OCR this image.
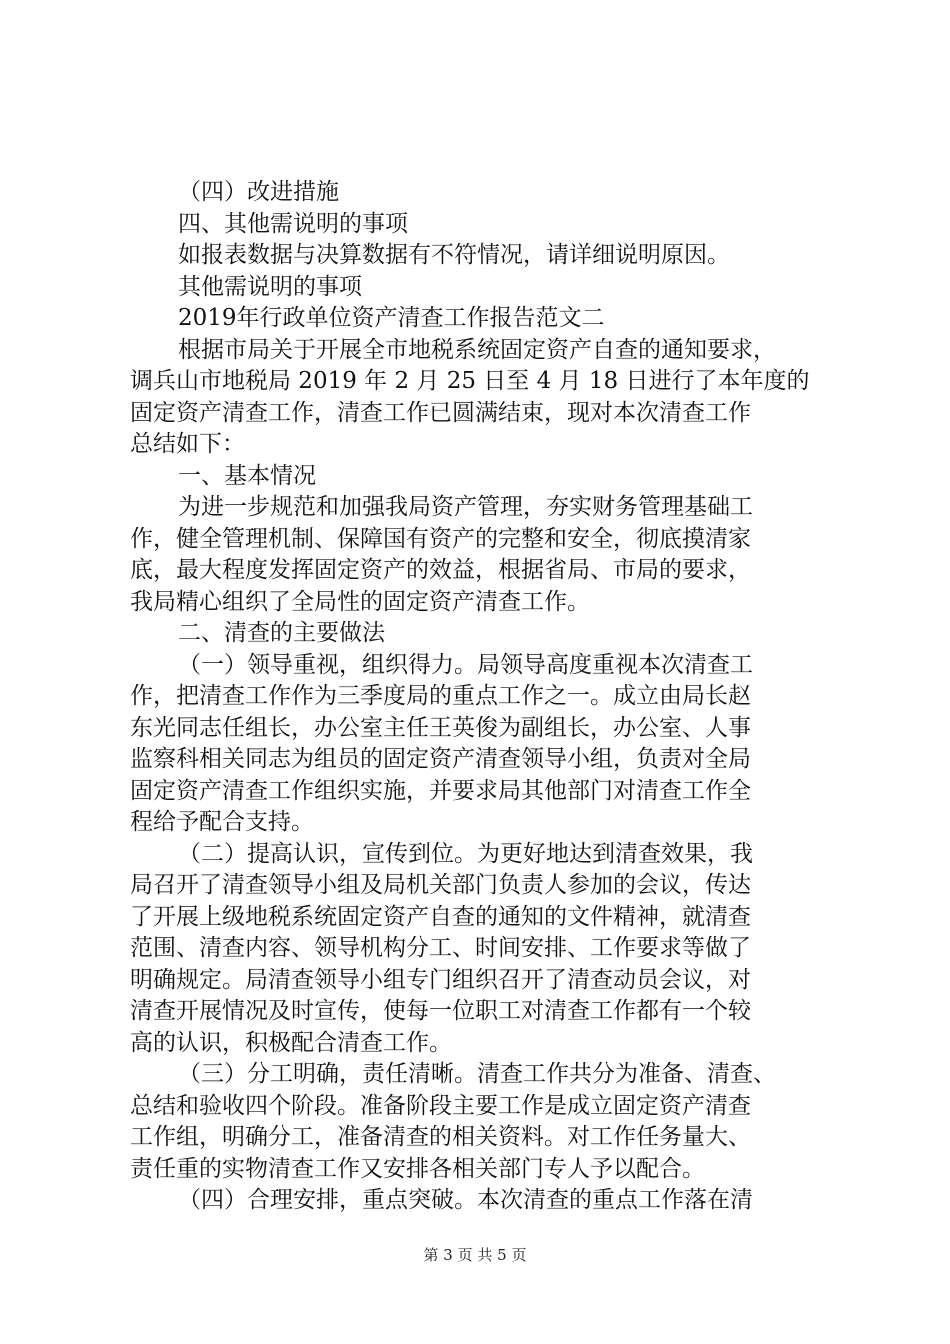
（四）改进措施
四、其他需说明的事项
如报表数据与决算数据有不符情况，请详细说明原因。
其他需说明的事项
2019年行政单位资产清查工作报告范文二
根据市局关于开展全市地税系统固定资产自查的通知要求，
调兵山市地税局 2019 年 2 月 25 日至 4 月 18 日进行了本年度的
固定资产清查工作，清查工作已圆满结束，现对本次清查工作
总结如下：
一、基本情况
为进一步规范和加强我局资产管理，夯实财务管理基础工
作，健全管理机制、保障国有资产的完整和安全，彻底摸清家
底，最大程度发挥固定资产的效益，根据省局、市局的要求，
我局精心组织了全局性的固定资产清查工作。
二、清查的主要做法
（一）领导重视，组织得力。局领导高度重视本次清查工
作，把清查工作作为三季度局的重点工作之一。成立由局长赵
东光同志任组长，办公室主任王英俊为副组长，办公室、人事
监察科相关同志为组员的固定资产清查领导小组，负责对全局
固定资产清查工作组织实施，并要求局其他部门对清查工作全
程给予配合支持。
（二）提高认识，宣传到位。为更好地达到清查效果，我
局召开了清查领导小组及局机关部门负责人参加的会议，传达
了开展上级地税系统固定资产自查的通知的文件精神，就清查
范围、清查内容、领导机构分工、时间安排、工作要求等做了
明确规定。局清查领导小组专门组织召开了清查动员会议，对
清查开展情况及时宣传，使每一位职工对清查工作都有一个较
高的认识，积极配合清查工作。
（三）分工明确，责任清晰。清查工作共分为准备、清查、
总结和验收四个阶段。准备阶段主要工作是成立固定资产清查
工作组，明确分工，准备清查的相关资料。对工作任务量大、
责任重的实物清查工作又安排各相关部门专人予以配合。
（四）合理安排，重点突破。本次清查的重点工作落在清
第 3 页 共 5 页
